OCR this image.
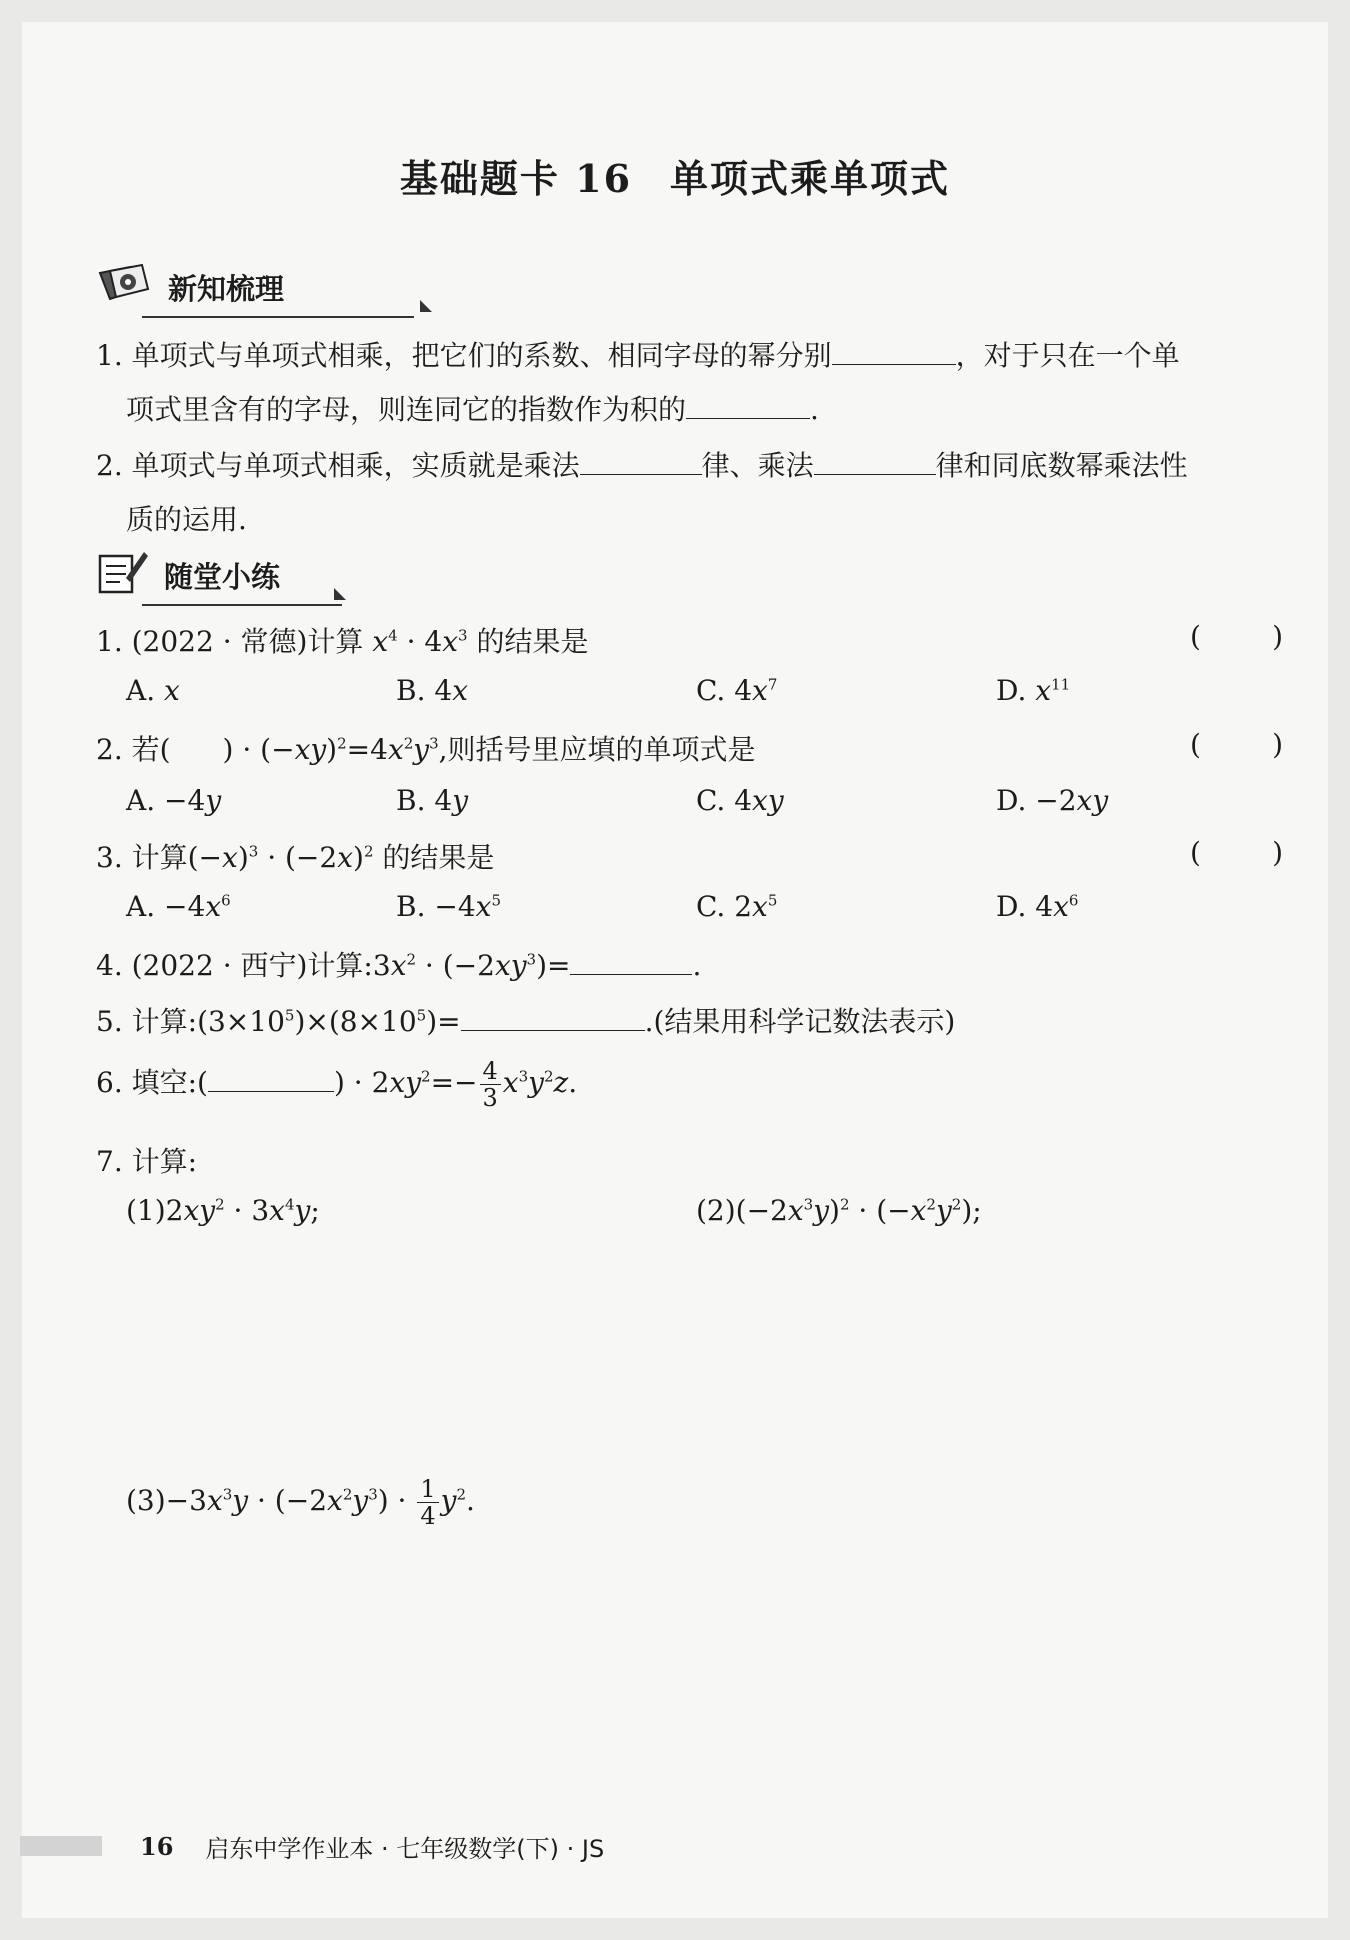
基础题卡 16 单项式乘单项式
新知梳理
1. 单项式与单项式相乘，把它们的系数、相同字母的幂分别	，对于只在一个单
项式里含有的字母，则连同它的指数作为积的	.
2. 单项式与单项式相乘，实质就是乘法	律、乘法	律和同底数幂乘法性
质的运用.
随堂小练
1. (2022 · 常德)计算 $x^4 \cdot 4x^3$ 的结果是	(        )
A. x	B. 4x	C. $4x^7$	D. $x^{11}$
2. 若( ) · $(-xy)^2=4x^2y^3$,则括号里应填的单项式是	(        )
A. −4y	B. 4y	C. 4xy	D. −2xy
3. 计算$(-x)^3 \cdot (-2x)^2$ 的结果是	(        )
A. $-4x^6$	B. $-4x^5$	C. $2x^5$	D. $4x^6$
4. (2022 · 西宁)计算$:3x^2 \cdot (-2xy^3)=$	.
5. 计算$:(3\times 10^5)\times(8\times 10^5)=$	.(结果用科学记数法表示)
6. 填空:(	) · $2xy^2=- \frac{4}{3} x^3y^2z$.
7. 计算:
$(1)2xy^2 \cdot 3x^4y$;	$(2)(-2x^3y)^2 \cdot (-x^2y^2)$;
$(3)-3x^3y \cdot (-2x^2y^3) \cdot \frac{1}{4} y^2$.
16 启东中学作业本 · 七年级数学(下) · JS
